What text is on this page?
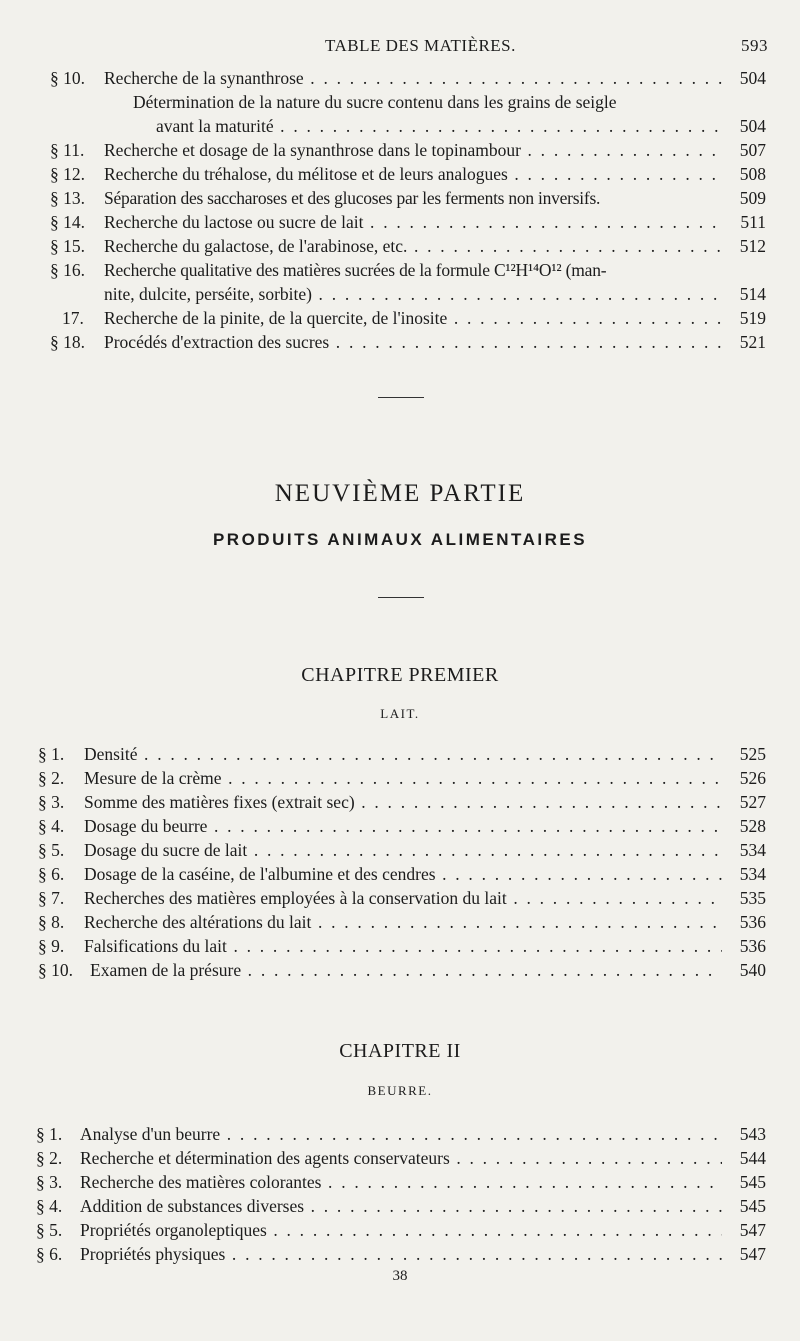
TABLE DES MATIÈRES.	593
§ 10. Recherche de la synanthrose . . .	504
Détermination de la nature du sucre contenu dans les grains de seigle
avant la maturité . . .	504
§ 11. Recherche et dosage de la synanthrose dans le topinambour . . .	507
§ 12. Recherche du tréhalose, du mélitose et de leurs analogues . . .	508
§ 13. Séparation des saccharoses et des glucoses par les ferments non inversifs.	509
§ 14. Recherche du lactose ou sucre de lait . . .	511
§ 15. Recherche du galactose, de l'arabinose, etc. . . .	512
§ 16. Recherche qualitative des matières sucrées de la formule C¹²H¹⁴O¹² (man-
nite, dulcite, perséite, sorbite) . . .	514
17. Recherche de la pinite, de la quercite, de l'inosite . . .	519
§ 18. Procédés d'extraction des sucres . . .	521
NEUVIÈME PARTIE
PRODUITS ANIMAUX ALIMENTAIRES
CHAPITRE PREMIER
LAIT.
§ 1. Densité . . .	525
§ 2. Mesure de la crème . . .	526
§ 3. Somme des matières fixes (extrait sec) . . .	527
§ 4. Dosage du beurre . . .	528
§ 5. Dosage du sucre de lait . . .	534
§ 6. Dosage de la caséine, de l'albumine et des cendres . . .	534
§ 7. Recherches des matières employées à la conservation du lait . . .	535
§ 8. Recherche des altérations du lait . . .	536
§ 9. Falsifications du lait . . .	536
§ 10. Examen de la présure . . .	540
CHAPITRE II
BEURRE.
§ 1. Analyse d'un beurre . . .	543
§ 2. Recherche et détermination des agents conservateurs . . .	544
§ 3. Recherche des matières colorantes . . .	545
§ 4. Addition de substances diverses . . .	545
§ 5. Propriétés organoleptiques . . .	547
§ 6. Propriétés physiques . . .	547
38
